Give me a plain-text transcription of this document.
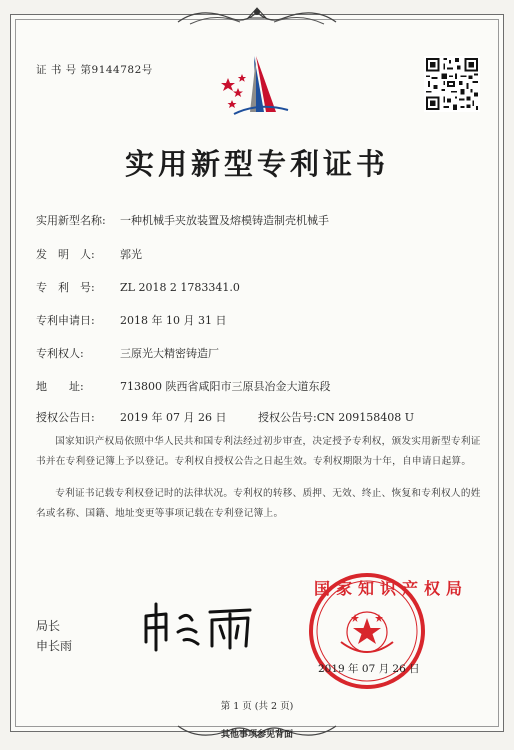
证 书 号 第9144782号
实用新型专利证书
实用新型名称: 一种机械手夹放装置及熔模铸造制壳机械手
发　明　人: 郭光
专　利　号: ZL 2018 2 1783341.0
专利申请日: 2018 年 10 月 31 日
专利权人:	三原光大精密铸造厂
地　　址:	713800 陕西省咸阳市三原县冶金大道东段
授权公告日: 2019 年 07 月 26 日	授权公告号:CN 209158408 U
国家知识产权局依照中华人民共和国专利法经过初步审查，决定授予专利权，颁发实用新型专利证书并在专利登记簿上予以登记。专利权自授权公告之日起生效。专利权期限为十年，自申请日起算。
专利证书记载专利权登记时的法律状况。专利权的转移、质押、无效、终止、恢复和专利权人的姓名或名称、国籍、地址变更等事项记载在专利登记簿上。
局长
申长雨
国家知识产权局
2019 年 07 月 26 日
第 1 页 (共 2 页)
其他事项参见背面
